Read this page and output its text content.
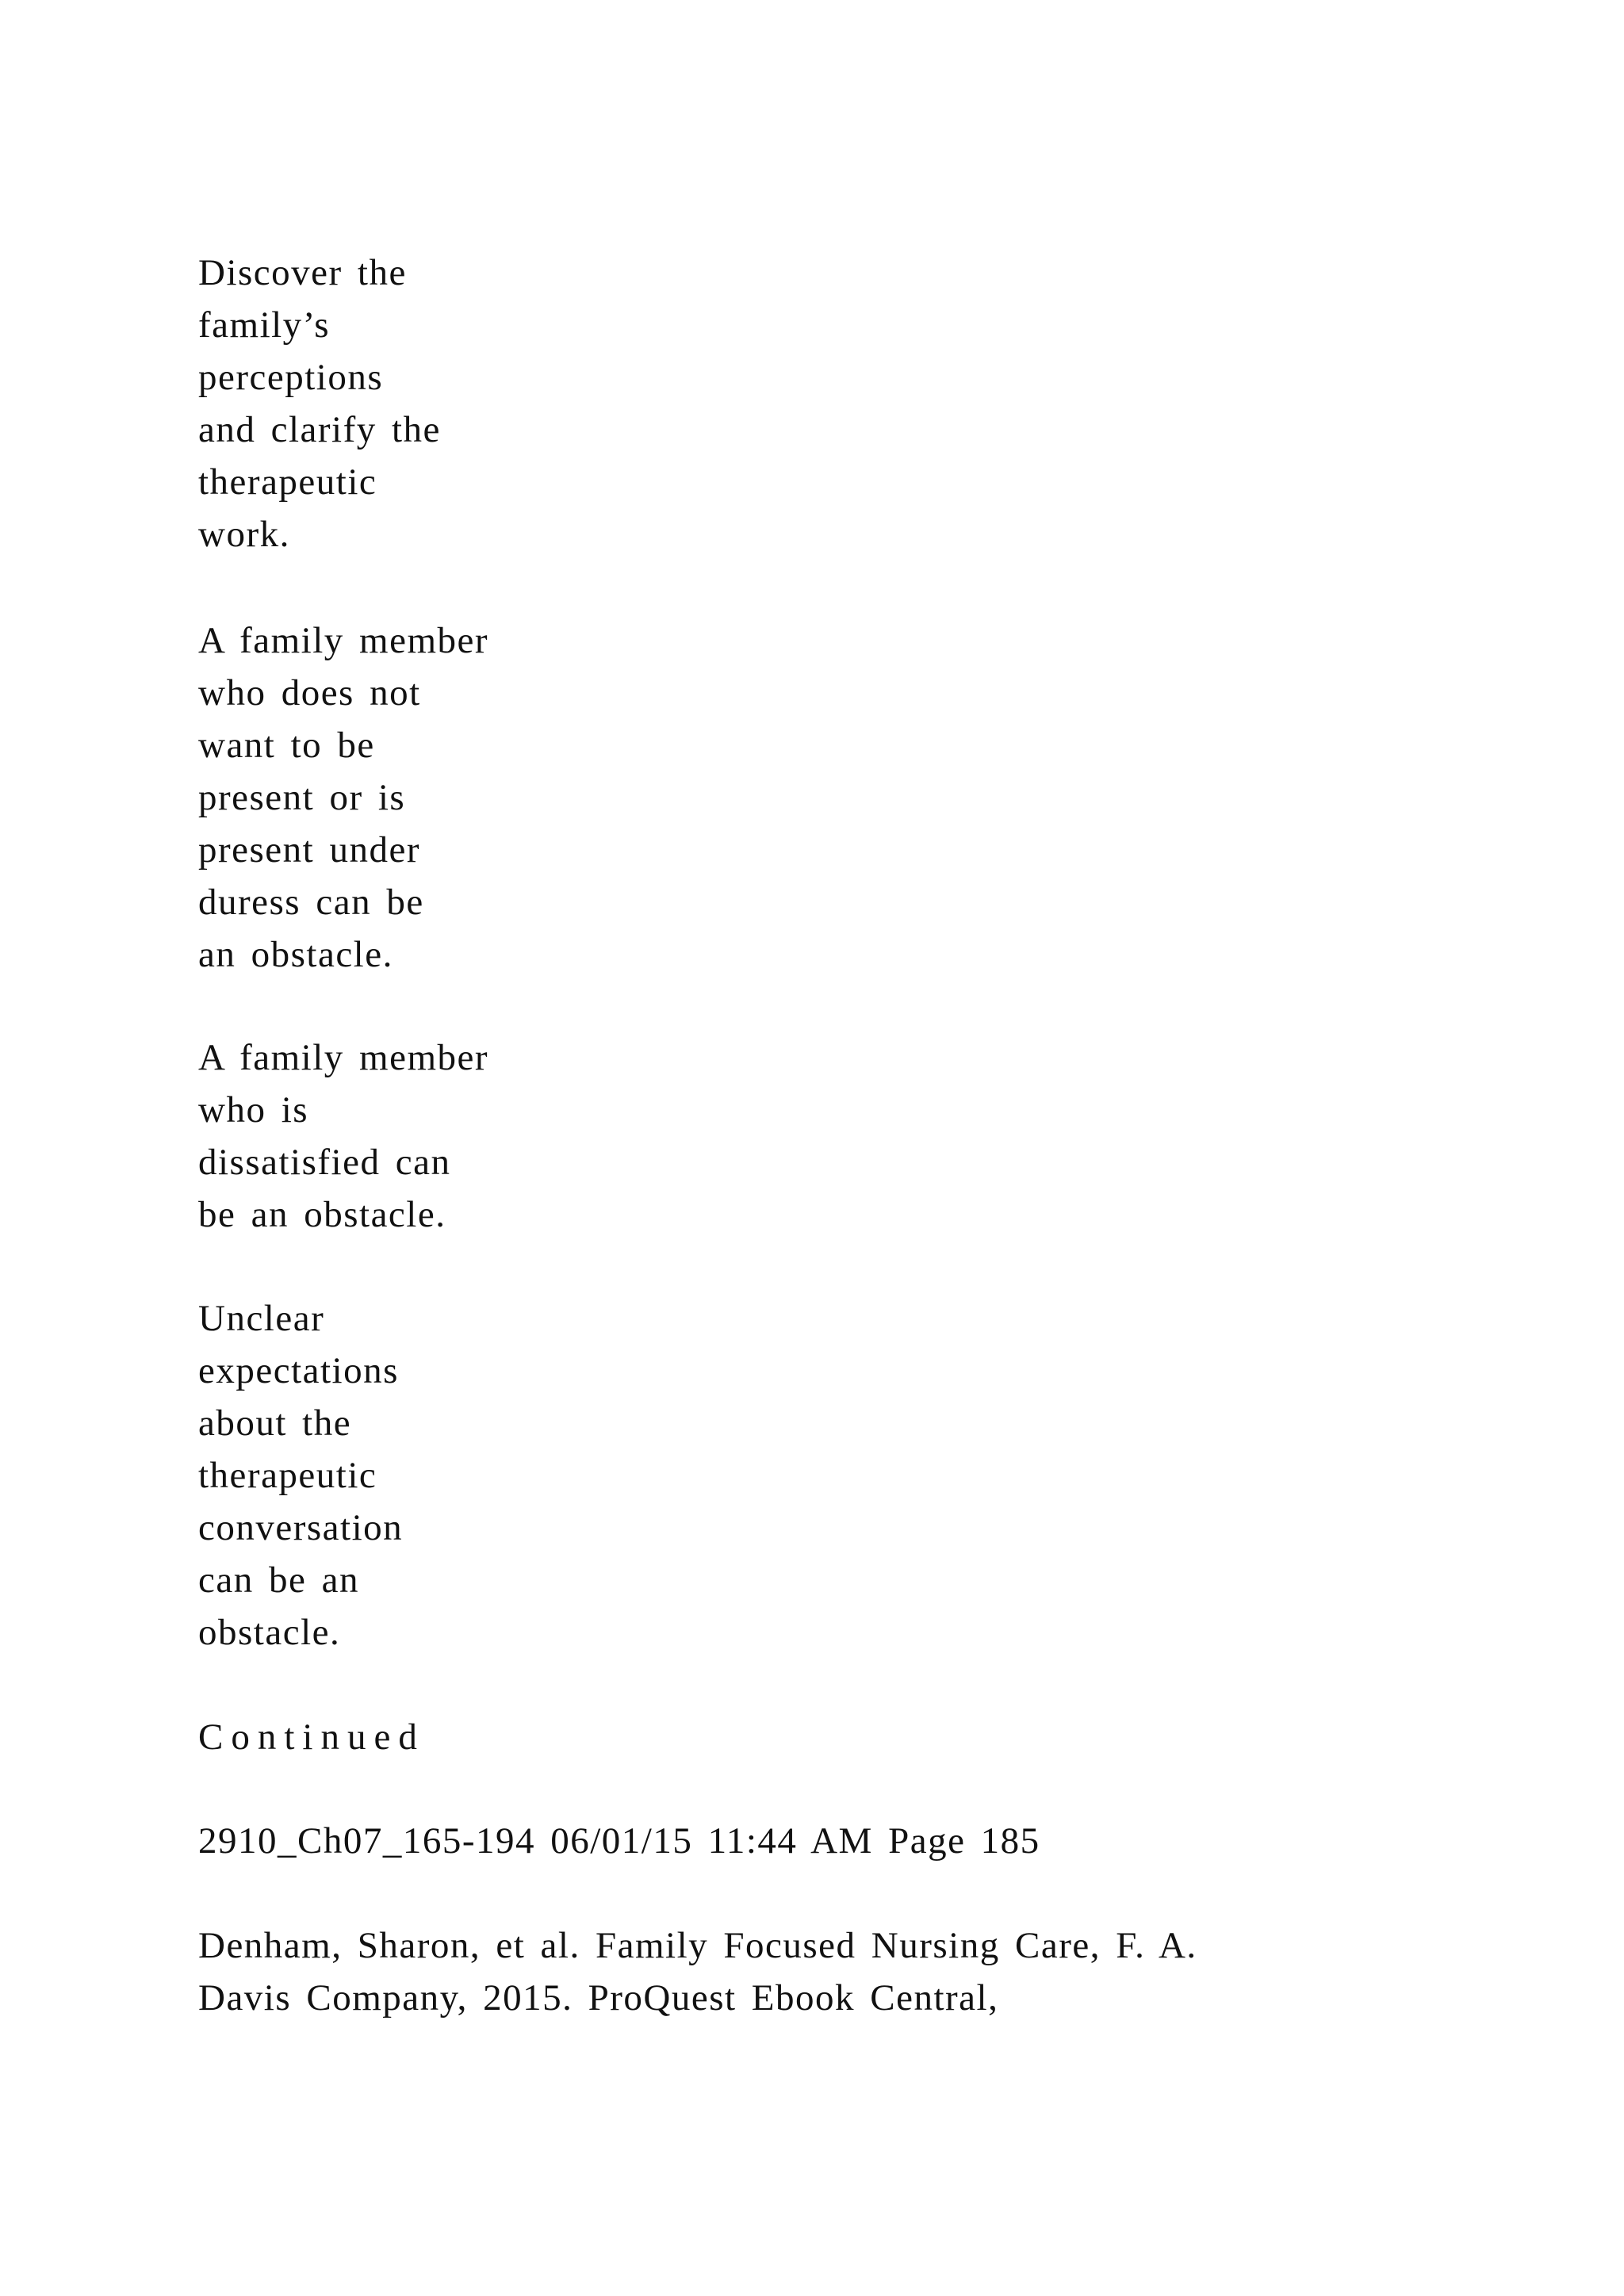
Discover the
family’s
perceptions
and clarify the
therapeutic
work.
A family member
who does not
want to be
present or is
present under
duress can be
an obstacle.
A family member
who is
dissatisfied can
be an obstacle.
Unclear
expectations
about the
therapeutic
conversation
can be an
obstacle.
Continued
2910_Ch07_165-194 06/01/15 11:44 AM Page 185
Denham, Sharon, et al. Family Focused Nursing Care, F. A.
Davis Company, 2015. ProQuest Ebook Central,
